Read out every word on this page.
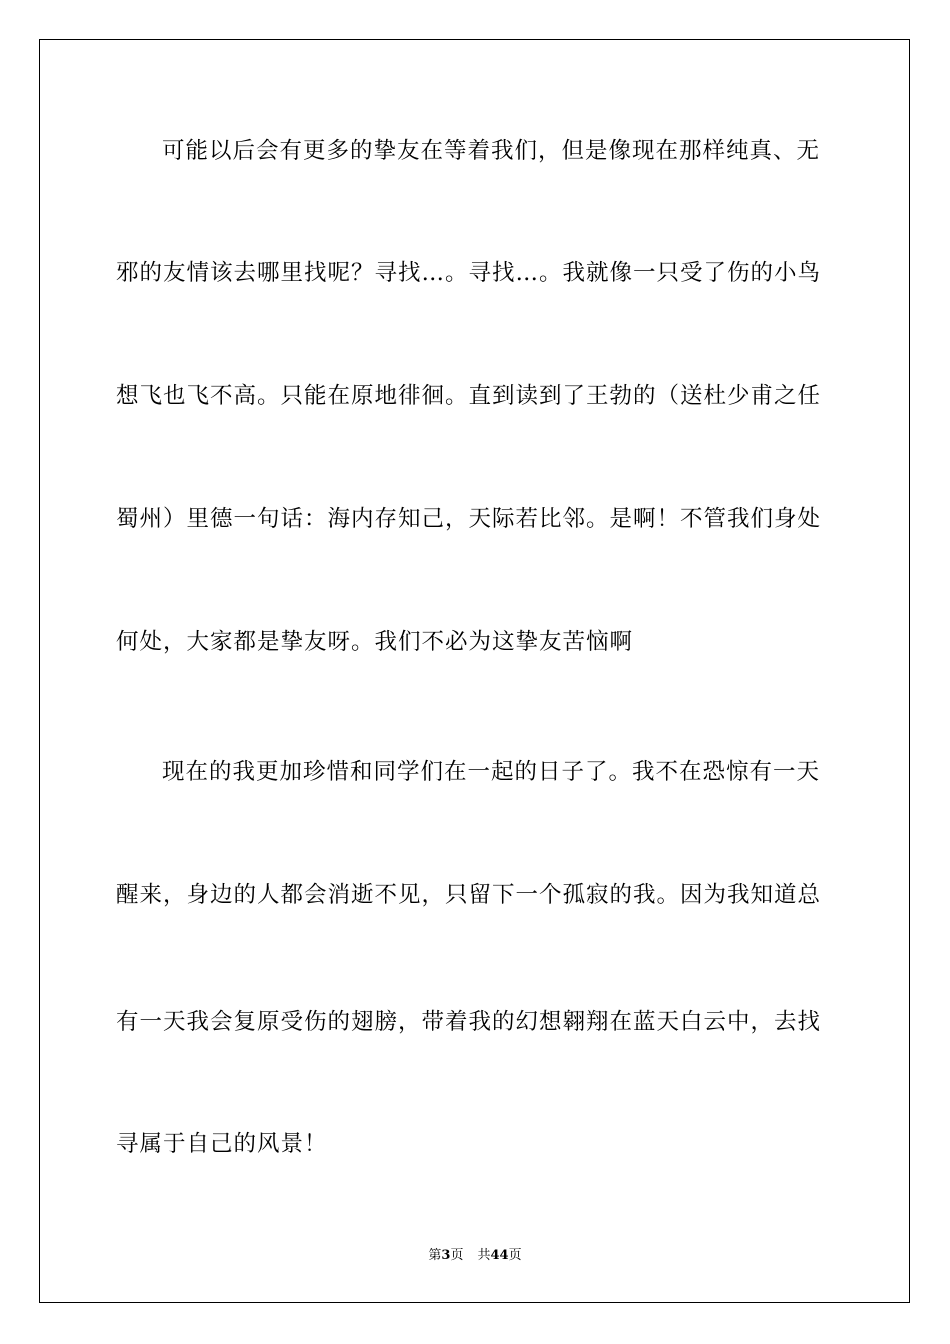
可能以后会有更多的挚友在等着我们，但是像现在那样纯真、无
邪的友情该去哪里找呢？寻找…。寻找…。我就像一只受了伤的小鸟
想飞也飞不高。只能在原地徘徊。直到读到了王勃的（送杜少甫之任
蜀州）里德一句话：海内存知己，天际若比邻。是啊！不管我们身处
何处，大家都是挚友呀。我们不必为这挚友苦恼啊
现在的我更加珍惜和同学们在一起的日子了。我不在恐惊有一天
醒来，身边的人都会消逝不见，只留下一个孤寂的我。因为我知道总
有一天我会复原受伤的翅膀，带着我的幻想翱翔在蓝天白云中，去找
寻属于自己的风景！
第3页 共44页
